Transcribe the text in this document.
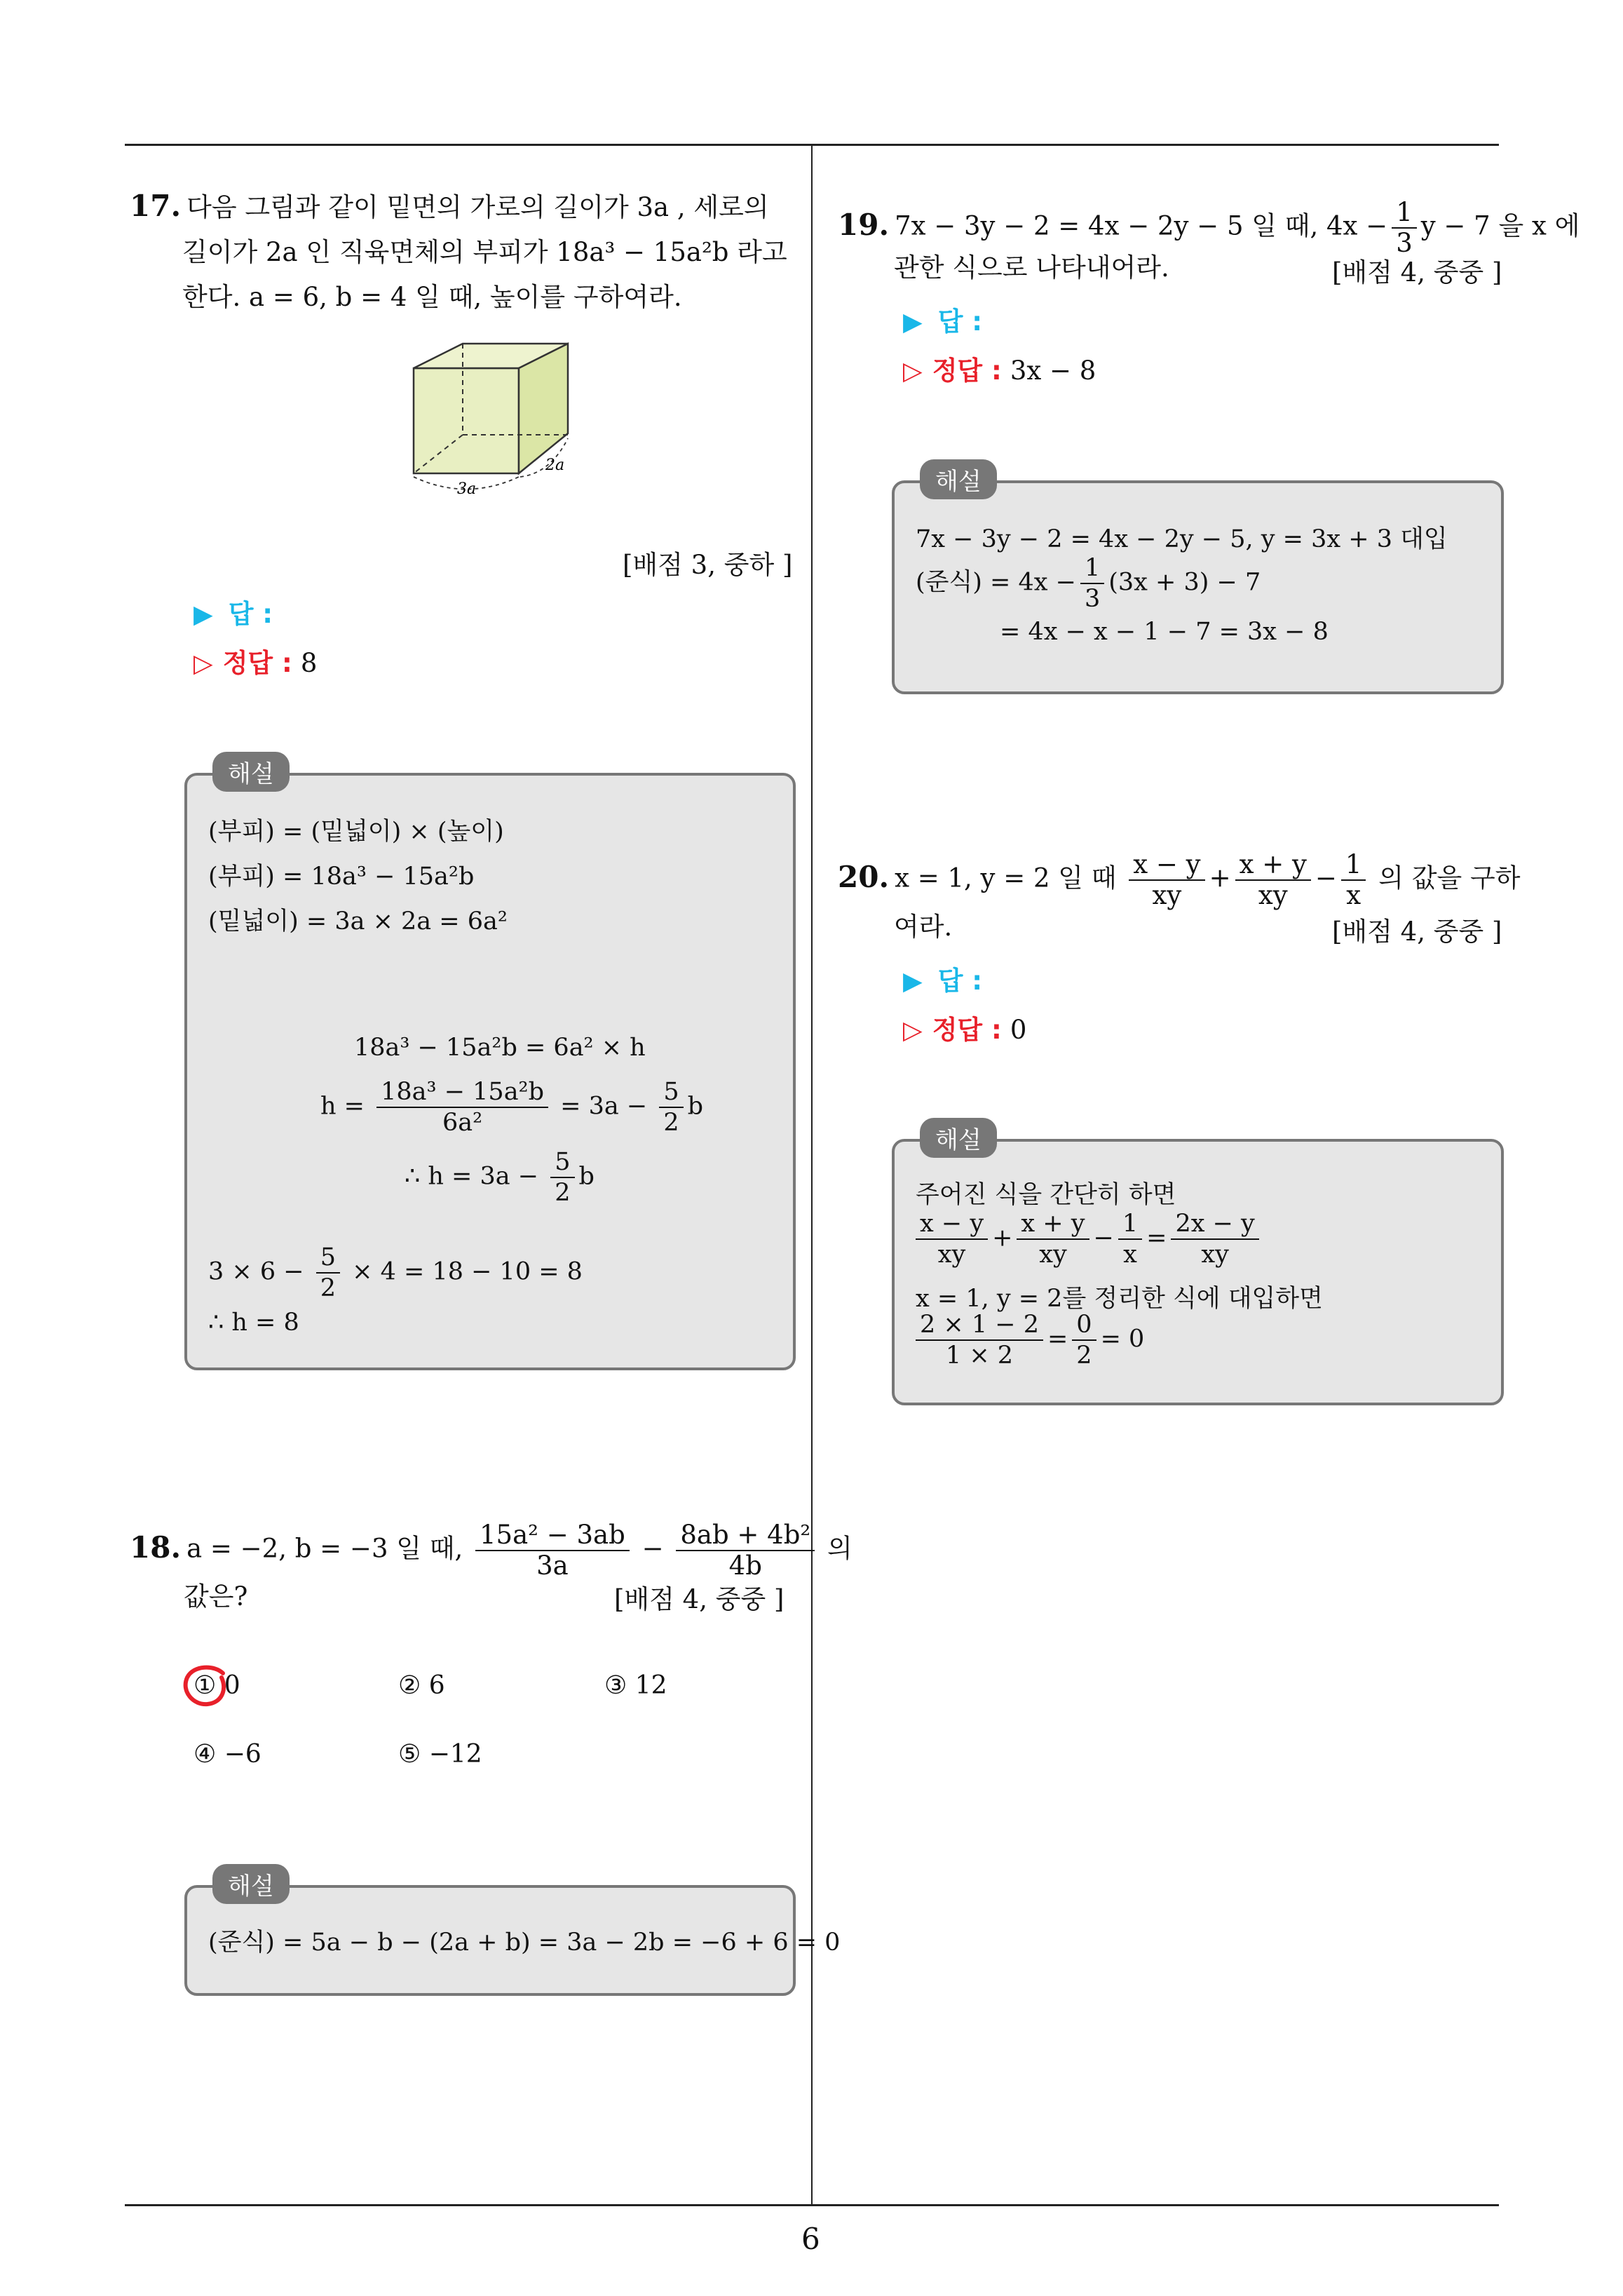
6
17. 다음 그림과 같이 밑면의 가로의 길이가 3a , 세로의
길이가 2a 인 직육면체의 부피가 18a³ − 15a²b 라고
한다. a = 6, b = 4 일 때, 높이를 구하여라.
3a
2a
[배점 3, 중하 ]
▶ 답 :
▷ 정답 : 8
해설
(부피) = (밑넓이) × (높이)
(부피) = 18a³ − 15a²b
(밑넓이) = 3a × 2a = 6a²
18a³ − 15a²b = 6a² × h
$h = \frac{\text{18a³ − 15a²b}}{\text{6a²}} = 3a - \frac{5}{2}$ b
∴ $h = 3a - \frac{5}{2}$ b
$3 \times 6 - \frac{5}{2} \times 4 = 18 - 10 = 8$
∴ h = 8
18. a = −2, b = −3 일 때, $\frac{\text{15a² − 3ab}}{3a} - \frac{\text{8ab + 4b²}}{4b}$ 의
값은?	[배점 4, 중중 ]
① 0	② 6	③ 12
④ −6	⑤ −12
해설
(준식) = 5a − b − (2a + b) = 3a − 2b = −6 + 6 = 0
19. 7x − 3y − 2 = 4x − 2y − 5 일 때, $4x - \frac{1}{3}$ y − 7 을 x 에
관한 식으로 나타내어라.	[배점 4, 중중 ]
▶ 답 :
▷ 정답 : 3x − 8
해설
7x − 3y − 2 = 4x − 2y − 5, y = 3x + 3 대입
(준식) = $4x - \frac{1}{3} (3x + 3) - 7$
= 4x − x − 1 − 7 = 3x − 8
20. x = 1, y = 2 일 때 $\frac{x - y}{xy} + \frac{x + y}{xy} - \frac{1}{x}$ 의 값을 구하
여라.	[배점 4, 중중 ]
▶ 답 :
▷ 정답 : 0
해설
주어진 식을 간단히 하면
$\frac{x - y}{xy} + \frac{x + y}{xy} - \frac{1}{x} = \frac{2x - y}{xy}$
x = 1, y = 2를 정리한 식에 대입하면
$\frac{2 \times 1 - 2}{1 \times 2} = \frac{0}{2} = 0$
